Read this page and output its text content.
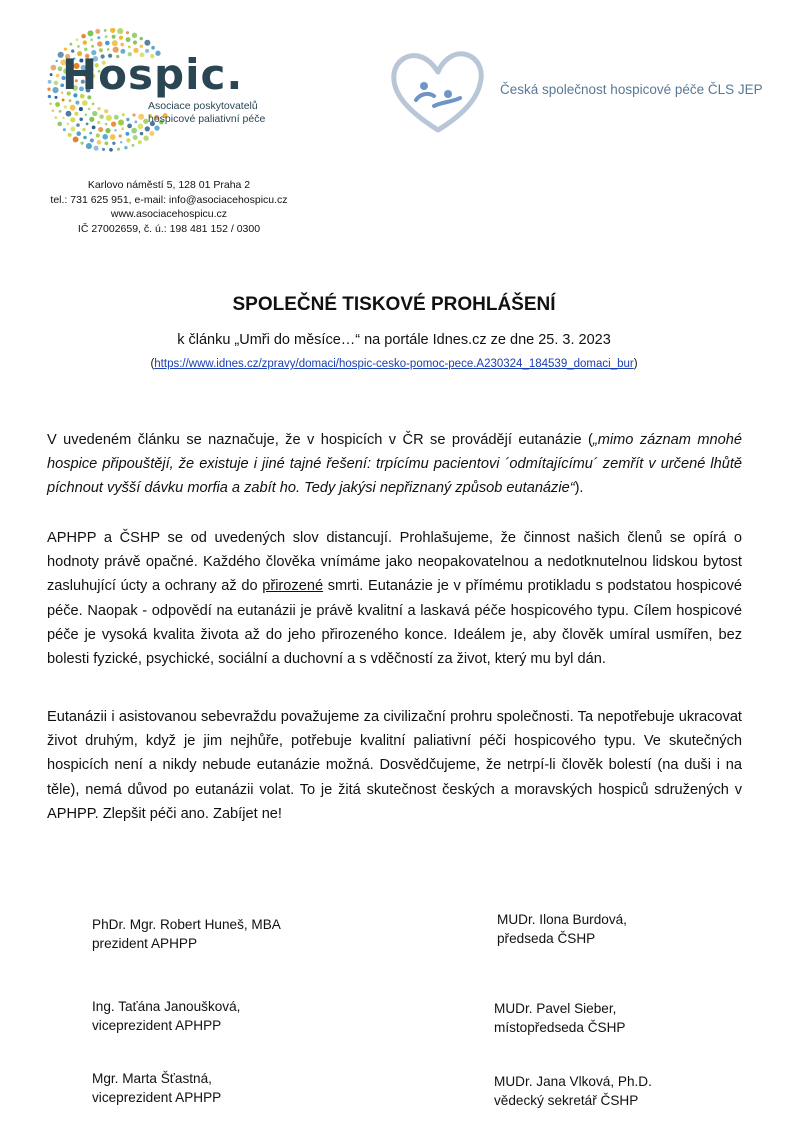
Hospic.
Asociace poskytovatelů
hospicové paliativní péče
Česká společnost hospicové péče ČLS JEP
Karlovo náměstí 5, 128 01 Praha 2
tel.: 731 625 951, e-mail: info@asociacehospicu.cz
www.asociacehospicu.cz
IČ 27002659, č. ú.: 198 481 152 / 0300
SPOLEČNÉ TISKOVÉ PROHLÁŠENÍ
k článku „Umři do měsíce…“ na portále Idnes.cz ze dne 25. 3. 2023
(https://www.idnes.cz/zpravy/domaci/hospic-cesko-pomoc-pece.A230324_184539_domaci_bur)
V uvedeném článku se naznačuje, že v hospicích v ČR se provádějí eutanázie („mimo záznam mnohé hospice připouštějí, že existuje i jiné tajné řešení: trpícímu pacientovi ´odmítajícímu´ zemřít v určené lhůtě píchnout vyšší dávku morfia a zabít ho. Tedy jakýsi nepřiznaný způsob eutanázie“).
APHPP a ČSHP se od uvedených slov distancují. Prohlašujeme, že činnost našich členů se opírá o hodnoty právě opačné. Každého člověka vnímáme jako neopakovatelnou a nedotknutelnou lidskou bytost zasluhující úcty a ochrany až do přirozené smrti. Eutanázie je v přímému protikladu s podstatou hospicové péče. Naopak - odpovědí na eutanázii je právě kvalitní a laskavá péče hospicového typu. Cílem hospicové péče je vysoká kvalita života až do jeho přirozeného konce. Ideálem je, aby člověk umíral usmířen, bez bolesti fyzické, psychické, sociální a duchovní a s vděčností za život, který mu byl dán.
Eutanázii i asistovanou sebevraždu považujeme za civilizační prohru společnosti. Ta nepotřebuje ukracovat život druhým, když je jim nejhůře, potřebuje kvalitní paliativní péči hospicového typu. Ve skutečných hospicích není a nikdy nebude eutanázie možná. Dosvědčujeme, že netrpí-li člověk bolestí (na duši i na těle), nemá důvod po eutanázii volat. To je žitá skutečnost českých a moravských hospiců sdružených v APHPP. Zlepšit péči ano. Zabíjet ne!
PhDr. Mgr. Robert Huneš, MBA
prezident APHPP
Ing. Taťána Janoušková,
viceprezident APHPP
Mgr. Marta Šťastná,
viceprezident APHPP
MUDr. Ilona Burdová,
předseda ČSHP
MUDr. Pavel Sieber,
místopředseda ČSHP
MUDr. Jana Vlková, Ph.D.
vědecký sekretář ČSHP
